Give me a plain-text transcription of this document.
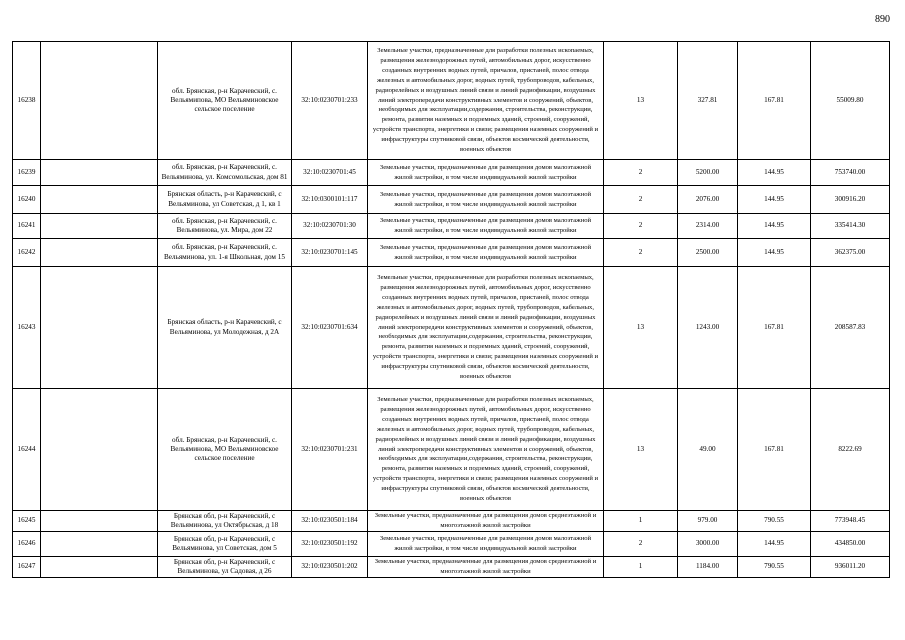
890
16238		обл. Брянская, р-н Карачевский, с. Вельямипова, МО Вельяминовское сельское поселение	32:10:0230701:233	Земельные участки, предназначенные для разработки полезных ископаемых, размещения железнодорожных путей, автомобильных дорог, искусственно созданных внутренних водных путей, причалов, пристаней, полос отвода железных и автомобильных дорог, водных путей, трубопроводов, кабельных, радиорелейных и воздушных линий связи и линий радиофикации, воздушных линий электропередачи конструктивных элементов и сооружений, объектов, необходимых для эксплуатации,содержания, строительства, реконструкции, ремонта, развития наземных и подземных зданий, строений, сооружений, устройств транспорта, энергетики и связи; размещения наземных сооружений и инфраструктуры спутниковой связи, объектов космической деятельности, военных объектов	13	327.81	167.81	55009.80
16239		обл. Брянская, р-н Карачевский, с. Вельяминова, ул. Комсомольская, дом 81	32:10:0230701:45	Земельные участки, предназначенные для размещения домов малоэтажной жилой застройки, в том числе индивидуальной жилой застройки	2	5200.00	144.95	753740.00
16240		Брянская область, р-н Карачевский, с Вельяминова, ул Советская, д 1, кв 1	32:10:0300101:117	Земельные участки, предназначенные для размещения домов малоэтажной жилой застройки, в том числе индивидуальной жилой застройки	2	2076.00	144.95	300916.20
16241		обл. Брянская, р-н Карачевский, с. Вельяминова, ул. Мира, дом 22	32:10:0230701:30	Земельные участки, предназначенные для размещения домов малоэтажной жилой застройки, в том числе индивидуальной жилой застройки	2	2314.00	144.95	335414.30
16242		обл. Брянская, р-н Карачевский, с. Вельяминова, ул. 1-я Школьная, дом 15	32:10:0230701:145	Земельные участки, предназначенные для размещения домов малоэтажной жилой застройки, в том числе индивидуальной жилой застройки	2	2500.00	144.95	362375.00
16243		Брянская область, р-н Карачевский, с Вельяминова, ул Молодежная, д 2А	32:10:0230701:634	Земельные участки, предназначенные для разработки полезных ископаемых, размещения железнодорожных путей, автомобильных дорог, искусственно созданных внутренних водных путей, причалов, пристаней, полос отвода железных и автомобильных дорог, водных путей, трубопроводов, кабельных, радиорелейных и воздушных линий связи и линий радиофикации, воздушных линий электропередачи конструктивных элементов и сооружений, объектов, необходимых для эксплуатации,содержания, строительства, реконструкции, ремонта, развития наземных и подземных зданий, строений, сооружений, устройств транспорта, энергетики и связи; размещения наземных сооружений и инфраструктуры спутниковой связи, объектов космической деятельности, военных объектов	13	1243.00	167.81	208587.83
16244		обл. Брянская, р-н Карачевский, с. Вельяминова, МО Вельяминовское сельское поселение	32:10:0230701:231	Земельные участки, предназначенные для разработки полезных ископаемых, размещения железнодорожных путей, автомобильных дорог, искусственно созданных внутренних водных путей, причалов, пристаней, полос отвода железных и автомобильных дорог, водных путей, трубопроводов, кабельных, радиорелейных и воздушных линий связи и линий радиофикации, воздушных линий электропередачи конструктивных элементов и сооружений, объектов, необходимых для эксплуатации,содержания, строительства, реконструкции, ремонта, развития наземных и подземных зданий, строений, сооружений, устройств транспорта, энергетики и связи; размещения наземных сооружений и инфраструктуры спутниковой связи, объектов космической деятельности, военных объектов	13	49.00	167.81	8222.69
16245		Брянская обл, р-н Карачевский, с Вельяминова, ул Октябрьская, д 18	32:10:0230501:184	Земельные участки, предназначенные для размещения домов среднеэтажной и многоэтажной жилой застройки	1	979.00	790.55	773948.45
16246		Брянская обл, р-н Карачевский, с Вельяминова, ул Советская, дом 5	32:10:0230501:192	Земельные участки, предназначенные для размещения домов малоэтажной жилой застройки, в том числе индивидуальной жилой застройки	2	3000.00	144.95	434850.00
16247		Брянская обл, р-н Карачевский, с Вельяминова, ул Садовая, д 26	32:10:0230501:202	Земельные участки, предназначенные для размещения домов среднеэтажной и многоэтажной жилой застройки	1	1184.00	790.55	936011.20
